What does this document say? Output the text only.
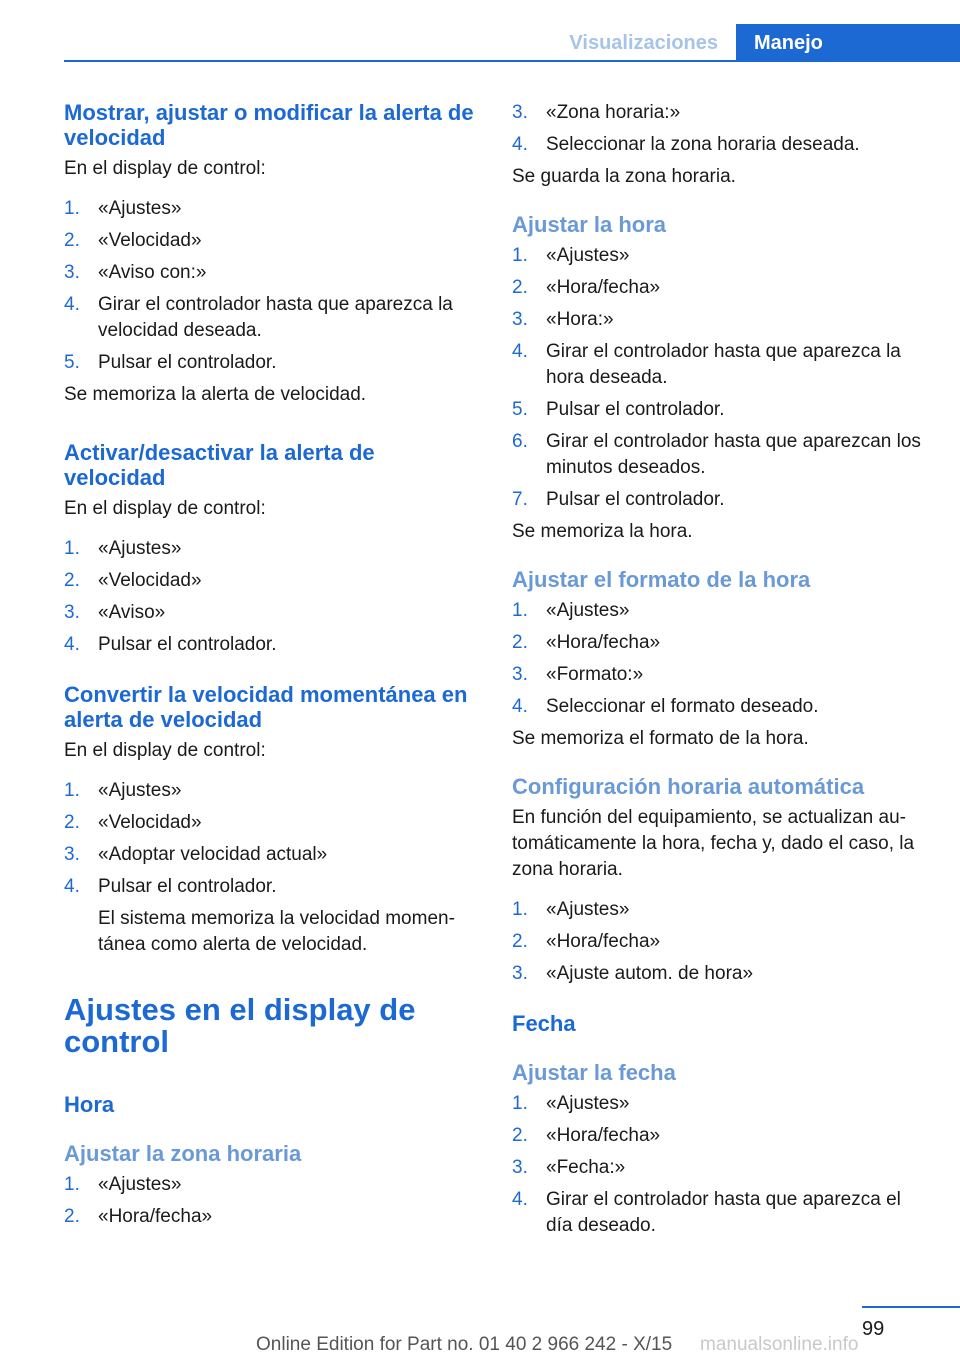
Visualizaciones	Manejo
Mostrar, ajustar o modificar la alerta de velocidad
En el display de control:
1. «Ajustes»
2. «Velocidad»
3. «Aviso con:»
4. Girar el controlador hasta que aparezca la velocidad deseada.
5. Pulsar el controlador.
Se memoriza la alerta de velocidad.
Activar/desactivar la alerta de velocidad
En el display de control:
1. «Ajustes»
2. «Velocidad»
3. «Aviso»
4. Pulsar el controlador.
Convertir la velocidad momentánea en alerta de velocidad
En el display de control:
1. «Ajustes»
2. «Velocidad»
3. «Adoptar velocidad actual»
4. Pulsar el controlador.
El sistema memoriza la velocidad momen‐tánea como alerta de velocidad.
Ajustes en el display de control
Hora
Ajustar la zona horaria
1. «Ajustes»
2. «Hora/fecha»
3. «Zona horaria:»
4. Seleccionar la zona horaria deseada.
Se guarda la zona horaria.
Ajustar la hora
1. «Ajustes»
2. «Hora/fecha»
3. «Hora:»
4. Girar el controlador hasta que aparezca la hora deseada.
5. Pulsar el controlador.
6. Girar el controlador hasta que aparezcan los minutos deseados.
7. Pulsar el controlador.
Se memoriza la hora.
Ajustar el formato de la hora
1. «Ajustes»
2. «Hora/fecha»
3. «Formato:»
4. Seleccionar el formato deseado.
Se memoriza el formato de la hora.
Configuración horaria automática
En función del equipamiento, se actualizan au‐tomáticamente la hora, fecha y, dado el caso, la zona horaria.
1. «Ajustes»
2. «Hora/fecha»
3. «Ajuste autom. de hora»
Fecha
Ajustar la fecha
1. «Ajustes»
2. «Hora/fecha»
3. «Fecha:»
4. Girar el controlador hasta que aparezca el día deseado.
99
Online Edition for Part no. 01 40 2 966 242 - X/15 manualsonline.info
